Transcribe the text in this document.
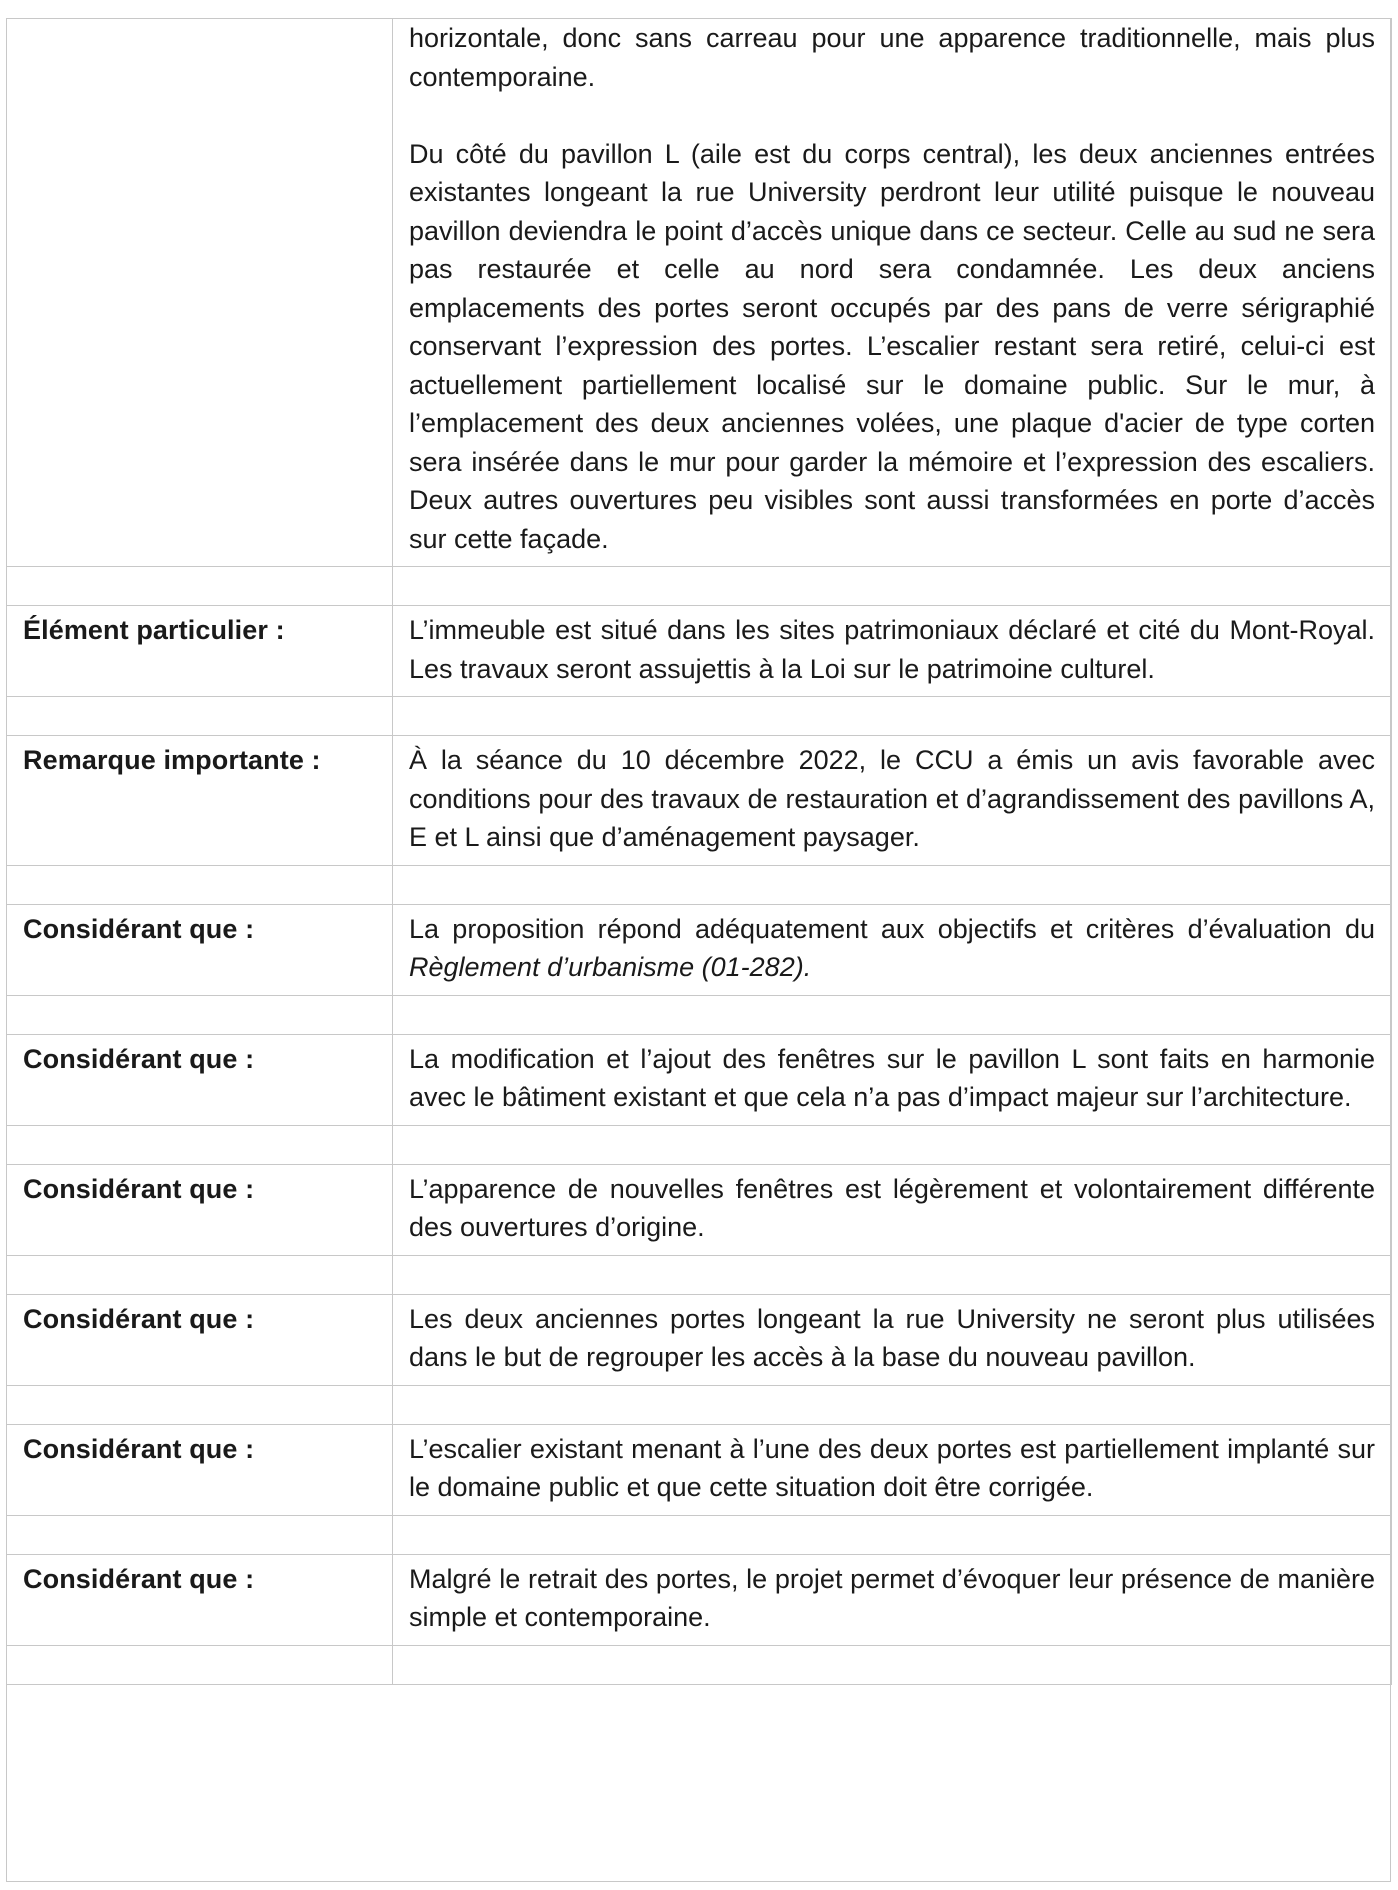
	horizontale, donc sans carreau pour une apparence traditionnelle, mais plus contemporaine.

Du côté du pavillon L (aile est du corps central), les deux anciennes entrées existantes longeant la rue University perdront leur utilité puisque le nouveau pavillon deviendra le point d’accès unique dans ce secteur. Celle au sud ne sera pas restaurée et celle au nord sera condamnée. Les deux anciens emplacements des portes seront occupés par des pans de verre sérigraphié conservant l’expression des portes. L’escalier restant sera retiré, celui-ci est actuellement partiellement localisé sur le domaine public. Sur le mur, à l’emplacement des deux anciennes volées, une plaque d'acier de type corten sera insérée dans le mur pour garder la mémoire et l’expression des escaliers. Deux autres ouvertures peu visibles sont aussi transformées en porte d’accès sur cette façade.

Élément particulier :	L’immeuble est situé dans les sites patrimoniaux déclaré et cité du Mont-Royal. Les travaux seront assujettis à la Loi sur le patrimoine culturel.

Remarque importante :	À la séance du 10 décembre 2022, le CCU a émis un avis favorable avec conditions pour des travaux de restauration et d’agrandissement des pavillons A, E et L ainsi que d’aménagement paysager.

Considérant que :	La proposition répond adéquatement aux objectifs et critères d’évaluation du Règlement d’urbanisme (01-282).

Considérant que :	La modification et l’ajout des fenêtres sur le pavillon L sont faits en harmonie avec le bâtiment existant et que cela n’a pas d’impact majeur sur l’architecture.

Considérant que :	L’apparence de nouvelles fenêtres est légèrement et volontairement différente des ouvertures d’origine.

Considérant que :	Les deux anciennes portes longeant la rue University ne seront plus utilisées dans le but de regrouper les accès à la base du nouveau pavillon.

Considérant que :	L’escalier existant menant à l’une des deux portes est partiellement implanté sur le domaine public et que cette situation doit être corrigée.

Considérant que :	Malgré le retrait des portes, le projet permet d’évoquer leur présence de manière simple et contemporaine.
